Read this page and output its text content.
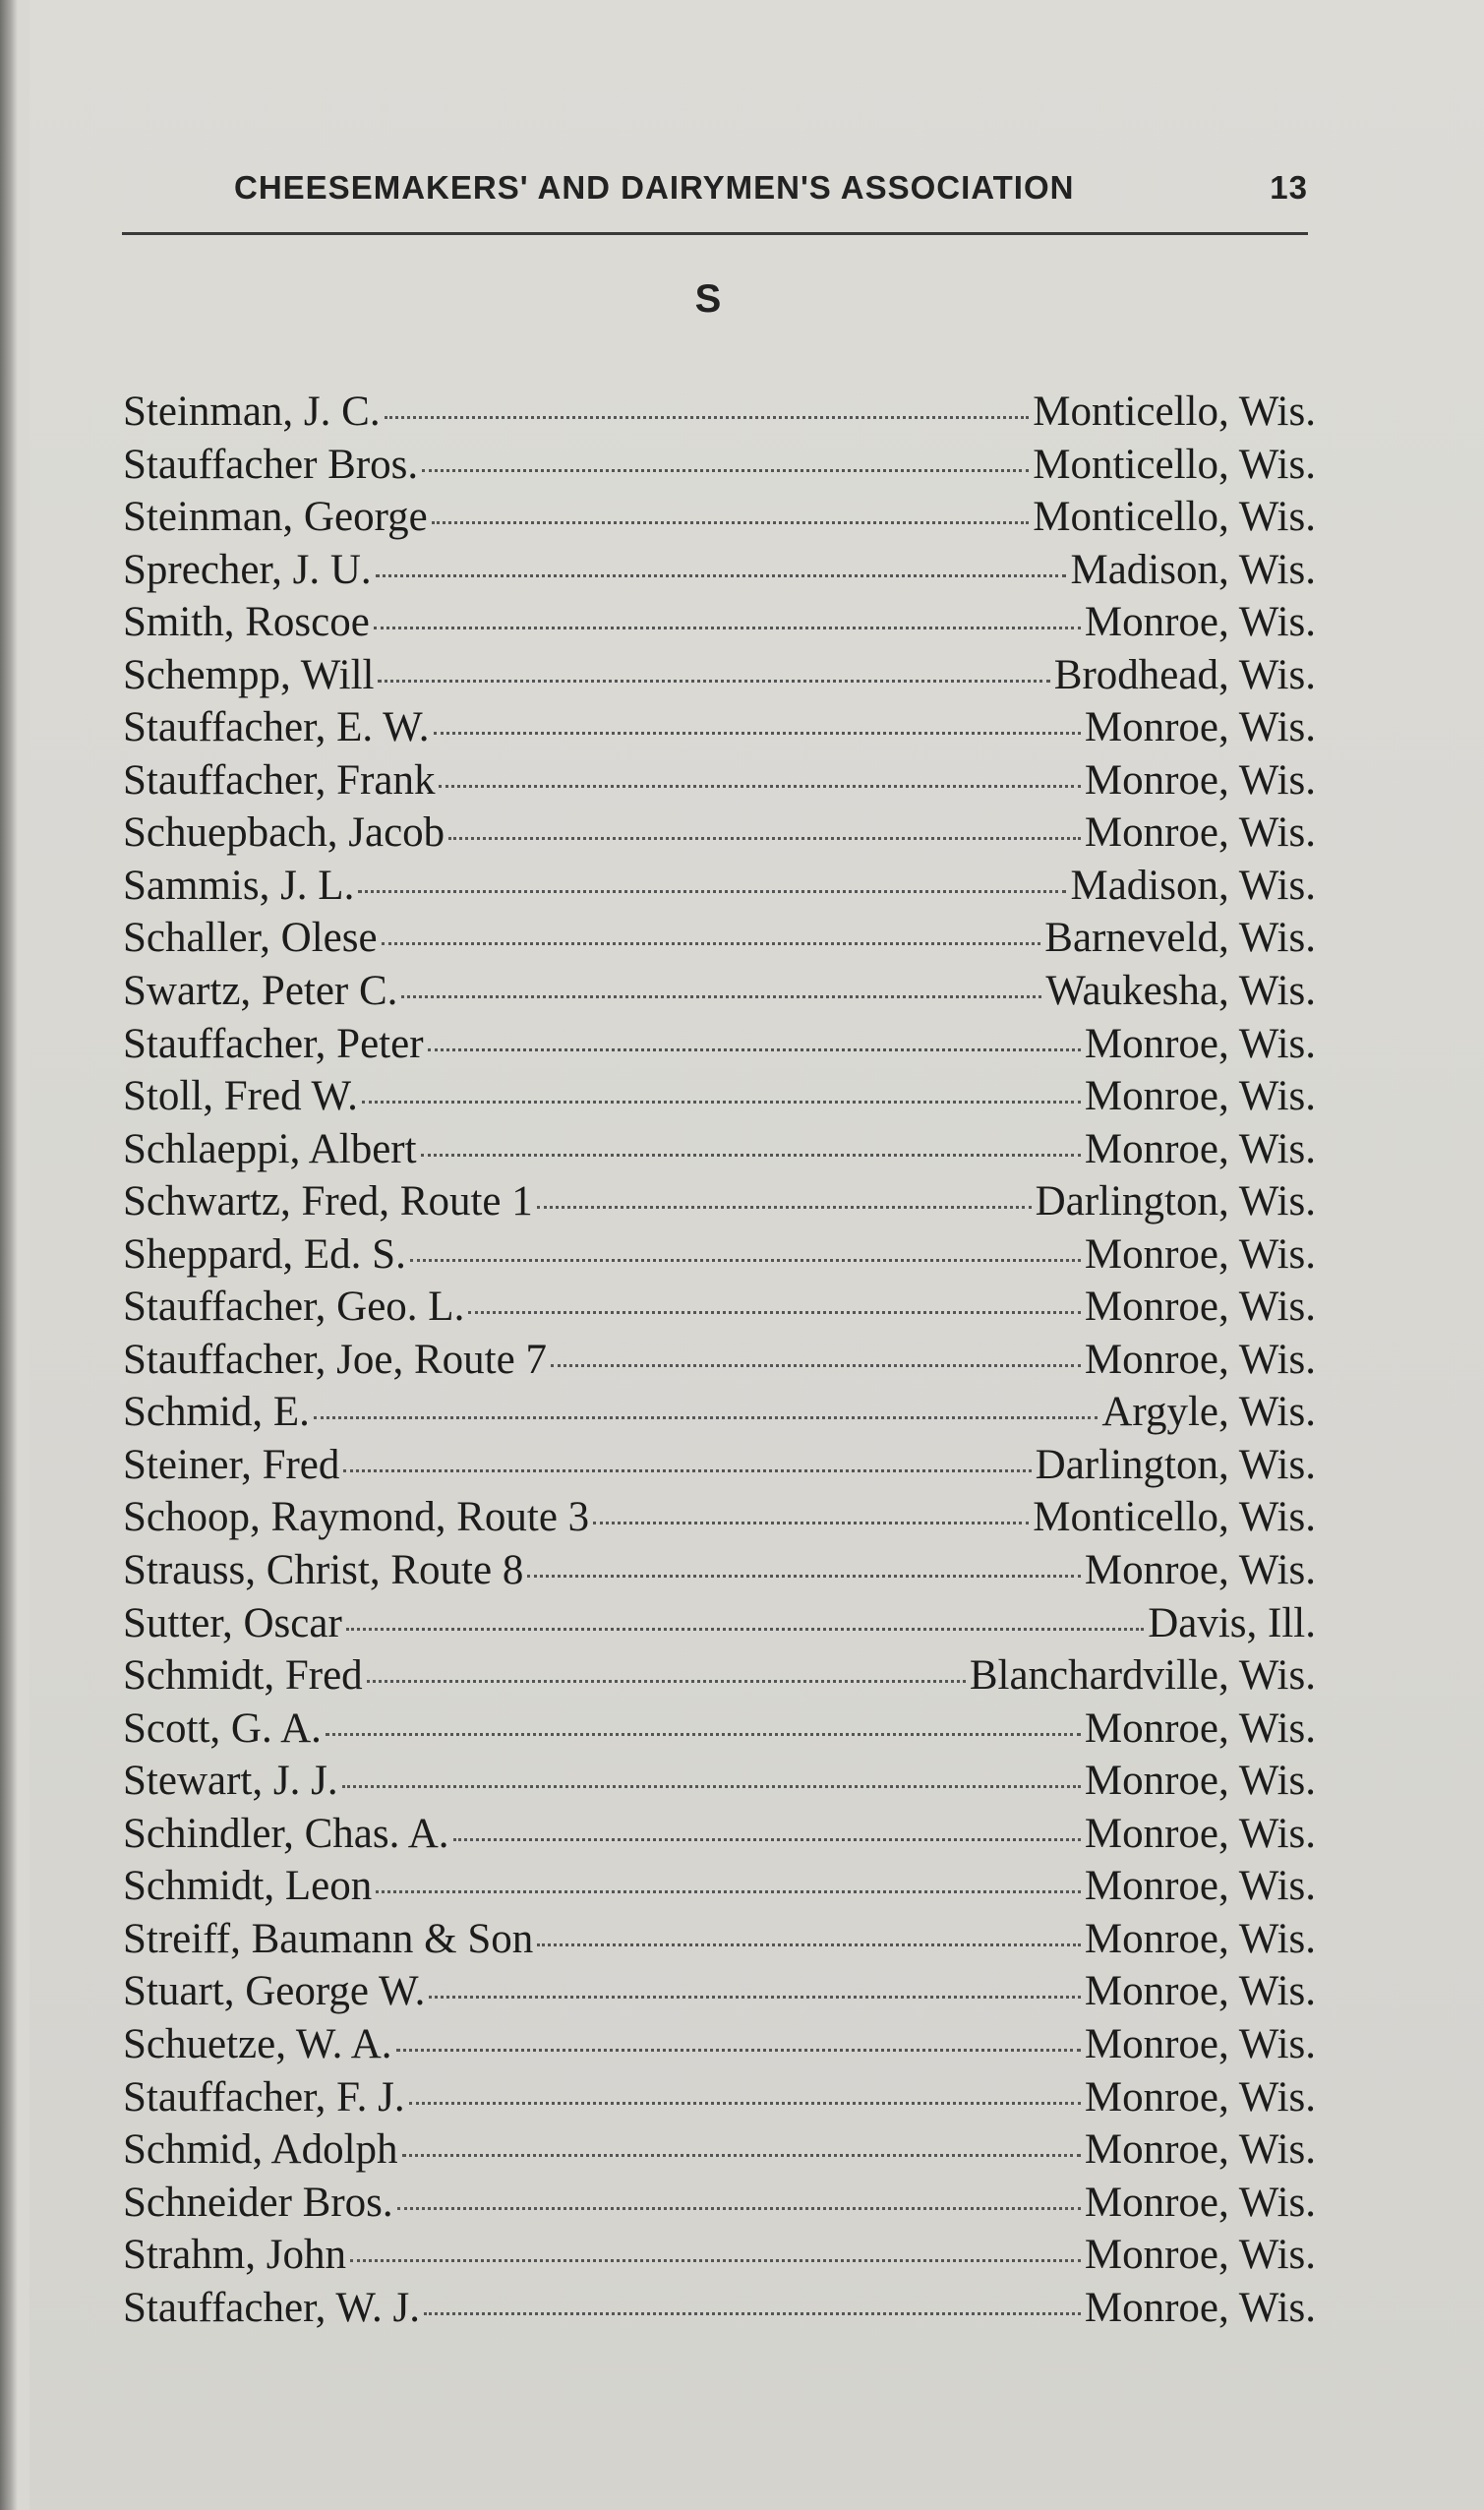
CHEESEMAKERS' AND DAIRYMEN'S ASSOCIATION	13
S
Steinman, J. C.	Monticello, Wis.
Stauffacher Bros.	Monticello, Wis.
Steinman, George	Monticello, Wis.
Sprecher, J. U.	Madison, Wis.
Smith, Roscoe	Monroe, Wis.
Schempp, Will	Brodhead, Wis.
Stauffacher, E. W.	Monroe, Wis.
Stauffacher, Frank	Monroe, Wis.
Schuepbach, Jacob	Monroe, Wis.
Sammis, J. L.	Madison, Wis.
Schaller, Olese	Barneveld, Wis.
Swartz, Peter C.	Waukesha, Wis.
Stauffacher, Peter	Monroe, Wis.
Stoll, Fred W.	Monroe, Wis.
Schlaeppi, Albert	Monroe, Wis.
Schwartz, Fred, Route 1	Darlington, Wis.
Sheppard, Ed. S.	Monroe, Wis.
Stauffacher, Geo. L.	Monroe, Wis.
Stauffacher, Joe, Route 7	Monroe, Wis.
Schmid, E.	Argyle, Wis.
Steiner, Fred	Darlington, Wis.
Schoop, Raymond, Route 3	Monticello, Wis.
Strauss, Christ, Route 8	Monroe, Wis.
Sutter, Oscar	Davis, Ill.
Schmidt, Fred	Blanchardville, Wis.
Scott, G. A.	Monroe, Wis.
Stewart, J. J.	Monroe, Wis.
Schindler, Chas. A.	Monroe, Wis.
Schmidt, Leon	Monroe, Wis.
Streiff, Baumann & Son	Monroe, Wis.
Stuart, George W.	Monroe, Wis.
Schuetze, W. A.	Monroe, Wis.
Stauffacher, F. J.	Monroe, Wis.
Schmid, Adolph	Monroe, Wis.
Schneider Bros.	Monroe, Wis.
Strahm, John	Monroe, Wis.
Stauffacher, W. J.	Monroe, Wis.
